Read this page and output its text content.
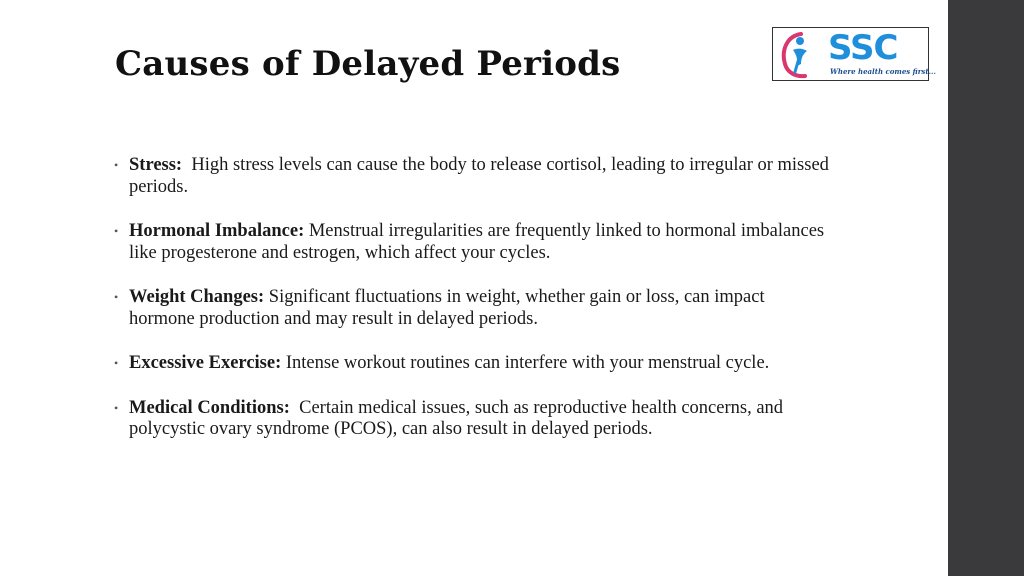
Causes of Delayed Periods	SSC
Where health comes first...
• Stress:  High stress levels can cause the body to release cortisol, leading to irregular or missed periods.
• Hormonal Imbalance: Menstrual irregularities are frequently linked to hormonal imbalances like progesterone and estrogen, which affect your cycles.
• Weight Changes: Significant fluctuations in weight, whether gain or loss, can impact hormone production and may result in delayed periods.
• Excessive Exercise: Intense workout routines can interfere with your menstrual cycle.
• Medical Conditions:  Certain medical issues, such as reproductive health concerns, and polycystic ovary syndrome (PCOS), can also result in delayed periods.
